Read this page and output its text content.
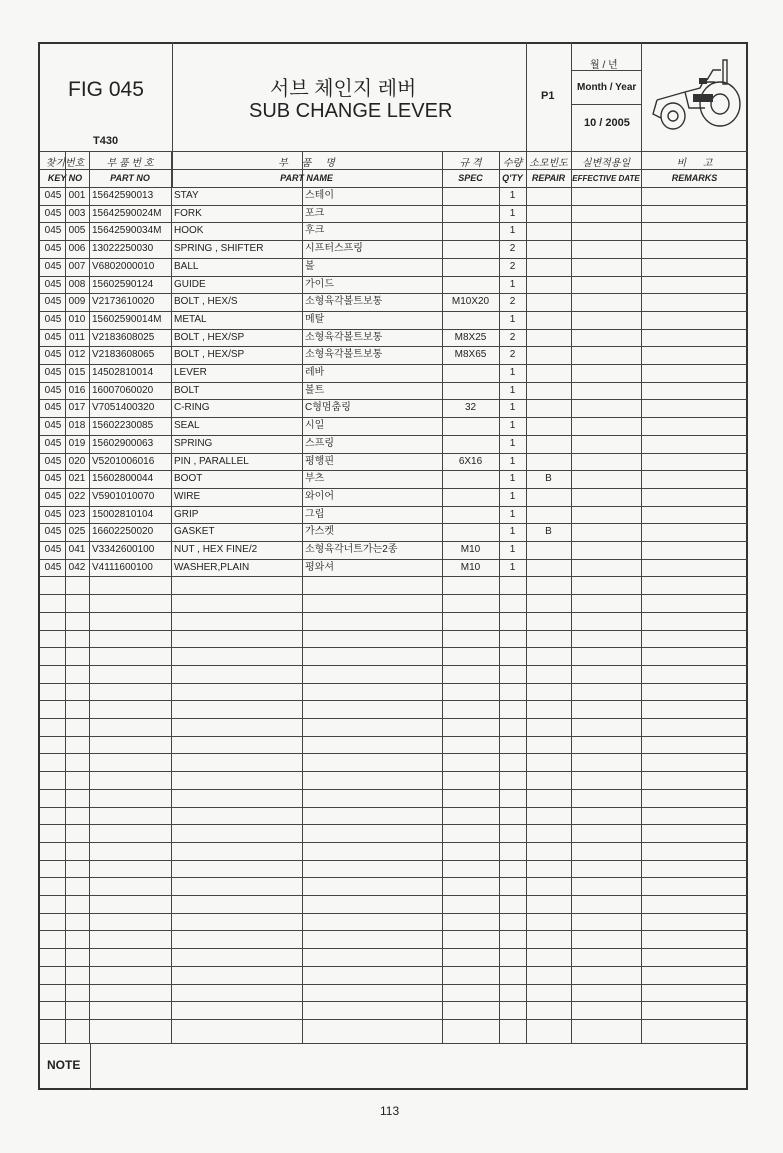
FIG 045
T430
서브 체인지 레버
SUB CHANGE LEVER
P1
월 / 년
Month / Year
10 / 2005
찾기번호	부 품 번 호	부     품     명	규 격	수량 소모빈도	실변적용일	비      고
KEY NO	PART NO	PART NAME	SPEC	Q'TY	REPAIR EFFECTIVE DATE	REMARKS
045 001 15642590013	STAY	스테이	1
045 003 15642590024M	FORK	포크	1
045 005 15642590034M	HOOK	후크	1
045 006 13022250030	SPRING , SHIFTER	시프터스프링	2
045 007 V6802000010	BALL	볼	2
045 008 15602590124	GUIDE	가이드	1
045 009 V2173610020	BOLT , HEX/S	소형육각볼트보통	M10X20	2
045 010 15602590014M	METAL	메탈	1
045 011 V2183608025	BOLT , HEX/SP	소형육각볼트보통	M8X25	2
045 012 V2183608065	BOLT , HEX/SP	소형육각볼트보통	M8X65	2
045 015 14502810014	LEVER	레바	1
045 016 16007060020	BOLT	볼트	1
045 017 V7051400320	C-RING	C형멈춤링	32	1
045 018 15602230085	SEAL	시일	1
045 019 15602900063	SPRING	스프링	1
045 020 V5201006016	PIN , PARALLEL	평행핀	6X16	1
045 021 15602800044	BOOT	부츠	1	B
045 022 V5901010070	WIRE	와이어	1
045 023 15002810104	GRIP	그립	1
045 025 16602250020	GASKET	가스켓	1	B
045 041 V3342600100	NUT , HEX FINE/2	소형육각너트가는2종	M10	1
045 042 V4111600100	WASHER,PLAIN	평와셔	M10	1
NOTE
113
